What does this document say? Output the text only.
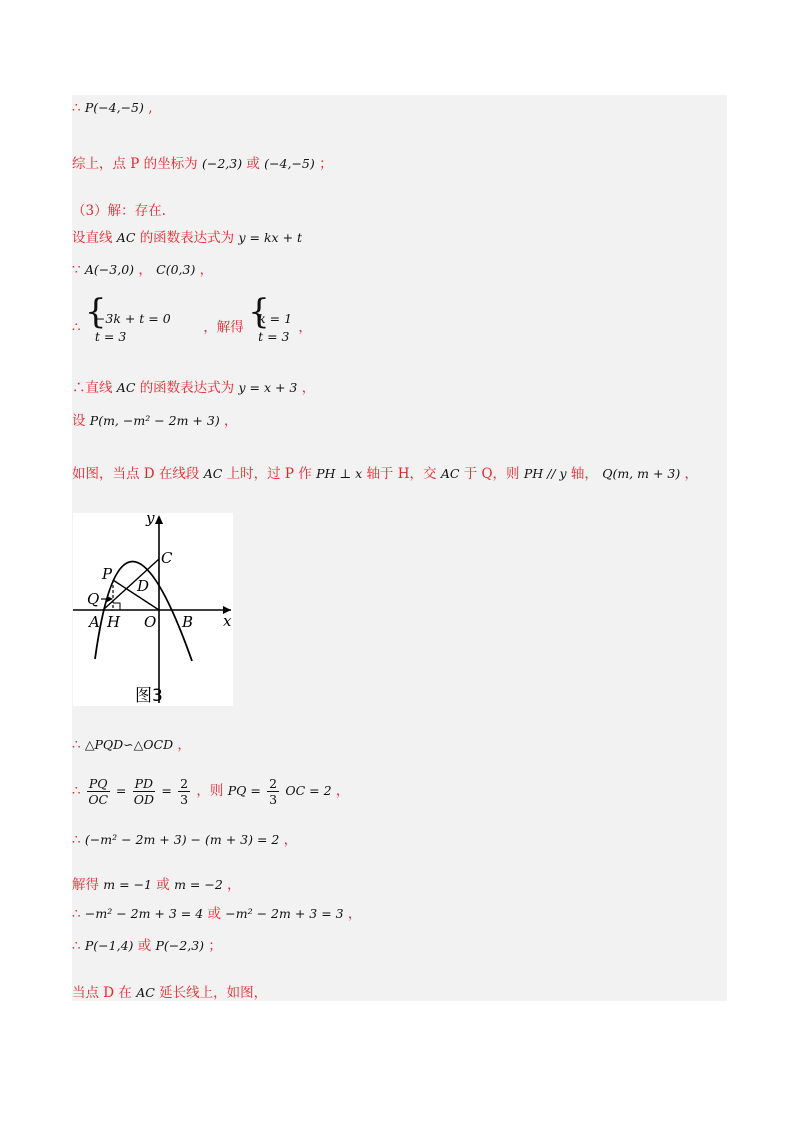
∴ P(−4,−5) ,
综上，点 P 的坐标为 (−2,3) 或 (−4,−5) ；
（3）解：存在.
设直线 AC 的函数表达式为 y = kx + t
∵ A(−3,0) ， C(0,3) ，
∴
{ −3k + t = 0
t = 3
，解得
{ k = 1
t = 3
，
∴直线 AC 的函数表达式为 y = x + 3 ，
设 P(m, −m² − 2m + 3) ，
如图，当点 D 在线段 AC 上时，过 P 作 PH ⊥ x 轴于 H，交 AC 于 Q，则 PH // y 轴， Q(m, m + 3) ，
y
x
C
P
D
Q
A H O B
图3
∴ △PQD∽△OCD ，
∴ $\frac{PQ}{OC} = \frac{PD}{OD} = \frac{2}{3}$ ，则 PQ = $\frac{2}{3}$ OC = 2 ，
∴ (−m² − 2m + 3) − (m + 3) = 2 ，
解得 m = −1 或 m = −2 ，
∴ −m² − 2m + 3 = 4 或 −m² − 2m + 3 = 3 ，
∴ P(−1,4) 或 P(−2,3) ；
当点 D 在 AC 延长线上，如图，
